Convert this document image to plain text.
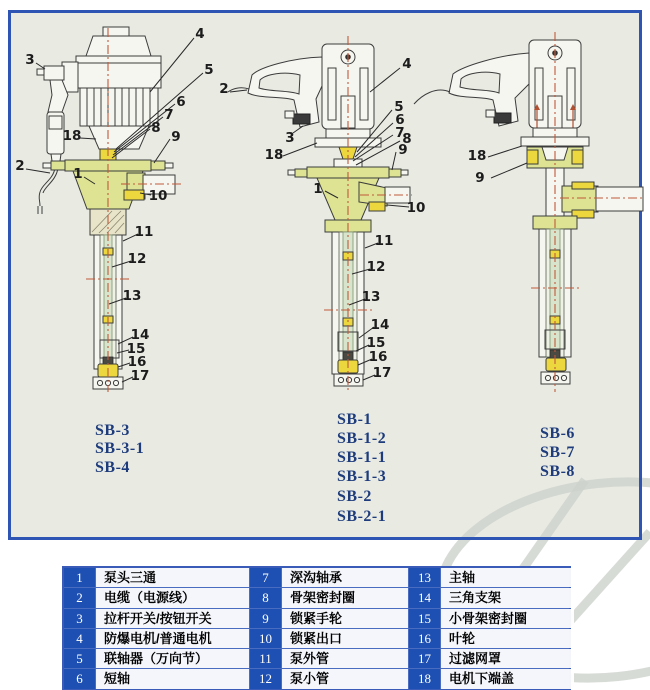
3
4
5
6
7
8
9
18
2	1
10
11
12
13
14
15
16
17
2
4
5
6
7
8
9
3
18
1
10
11
12
13
14
15
16
17
18
9
SB-3
SB-3-1
SB-4
SB-1
SB-1-2
SB-1-1
SB-1-3
SB-2
SB-2-1
SB-6
SB-7
SB-8
1	泵头三通	7	深沟轴承	13	主轴
2	电缆（电源线）	8	骨架密封圈	14	三角支架
3	拉杆开关/按钮开关	9	锁紧手轮	15	小骨架密封圈
4	防爆电机/普通电机	10	锁紧出口	16	叶轮
5	联轴器（万向节）	11	泵外管	17	过滤网罩
6	短轴	12	泵小管	18	电机下端盖
